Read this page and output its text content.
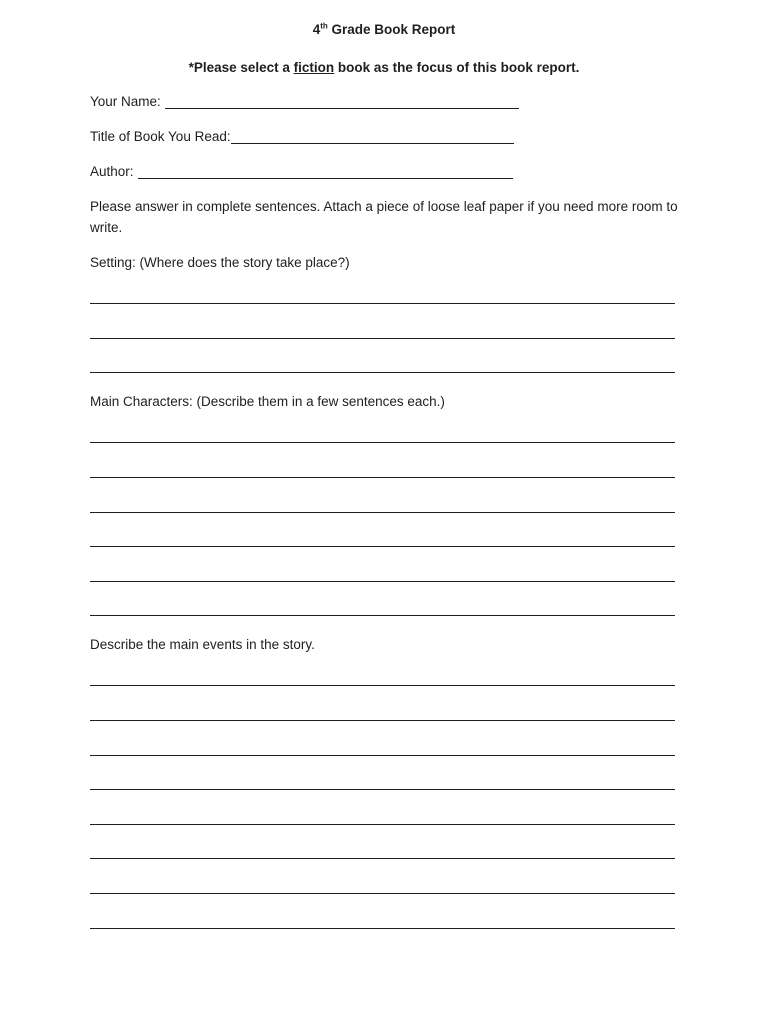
4th Grade Book Report
*Please select a fiction book as the focus of this book report.
Your Name:
Title of Book You Read:
Author:
Please answer in complete sentences. Attach a piece of loose leaf paper if you need more room to write.
Setting: (Where does the story take place?)
Main Characters: (Describe them in a few sentences each.)
Describe the main events in the story.
